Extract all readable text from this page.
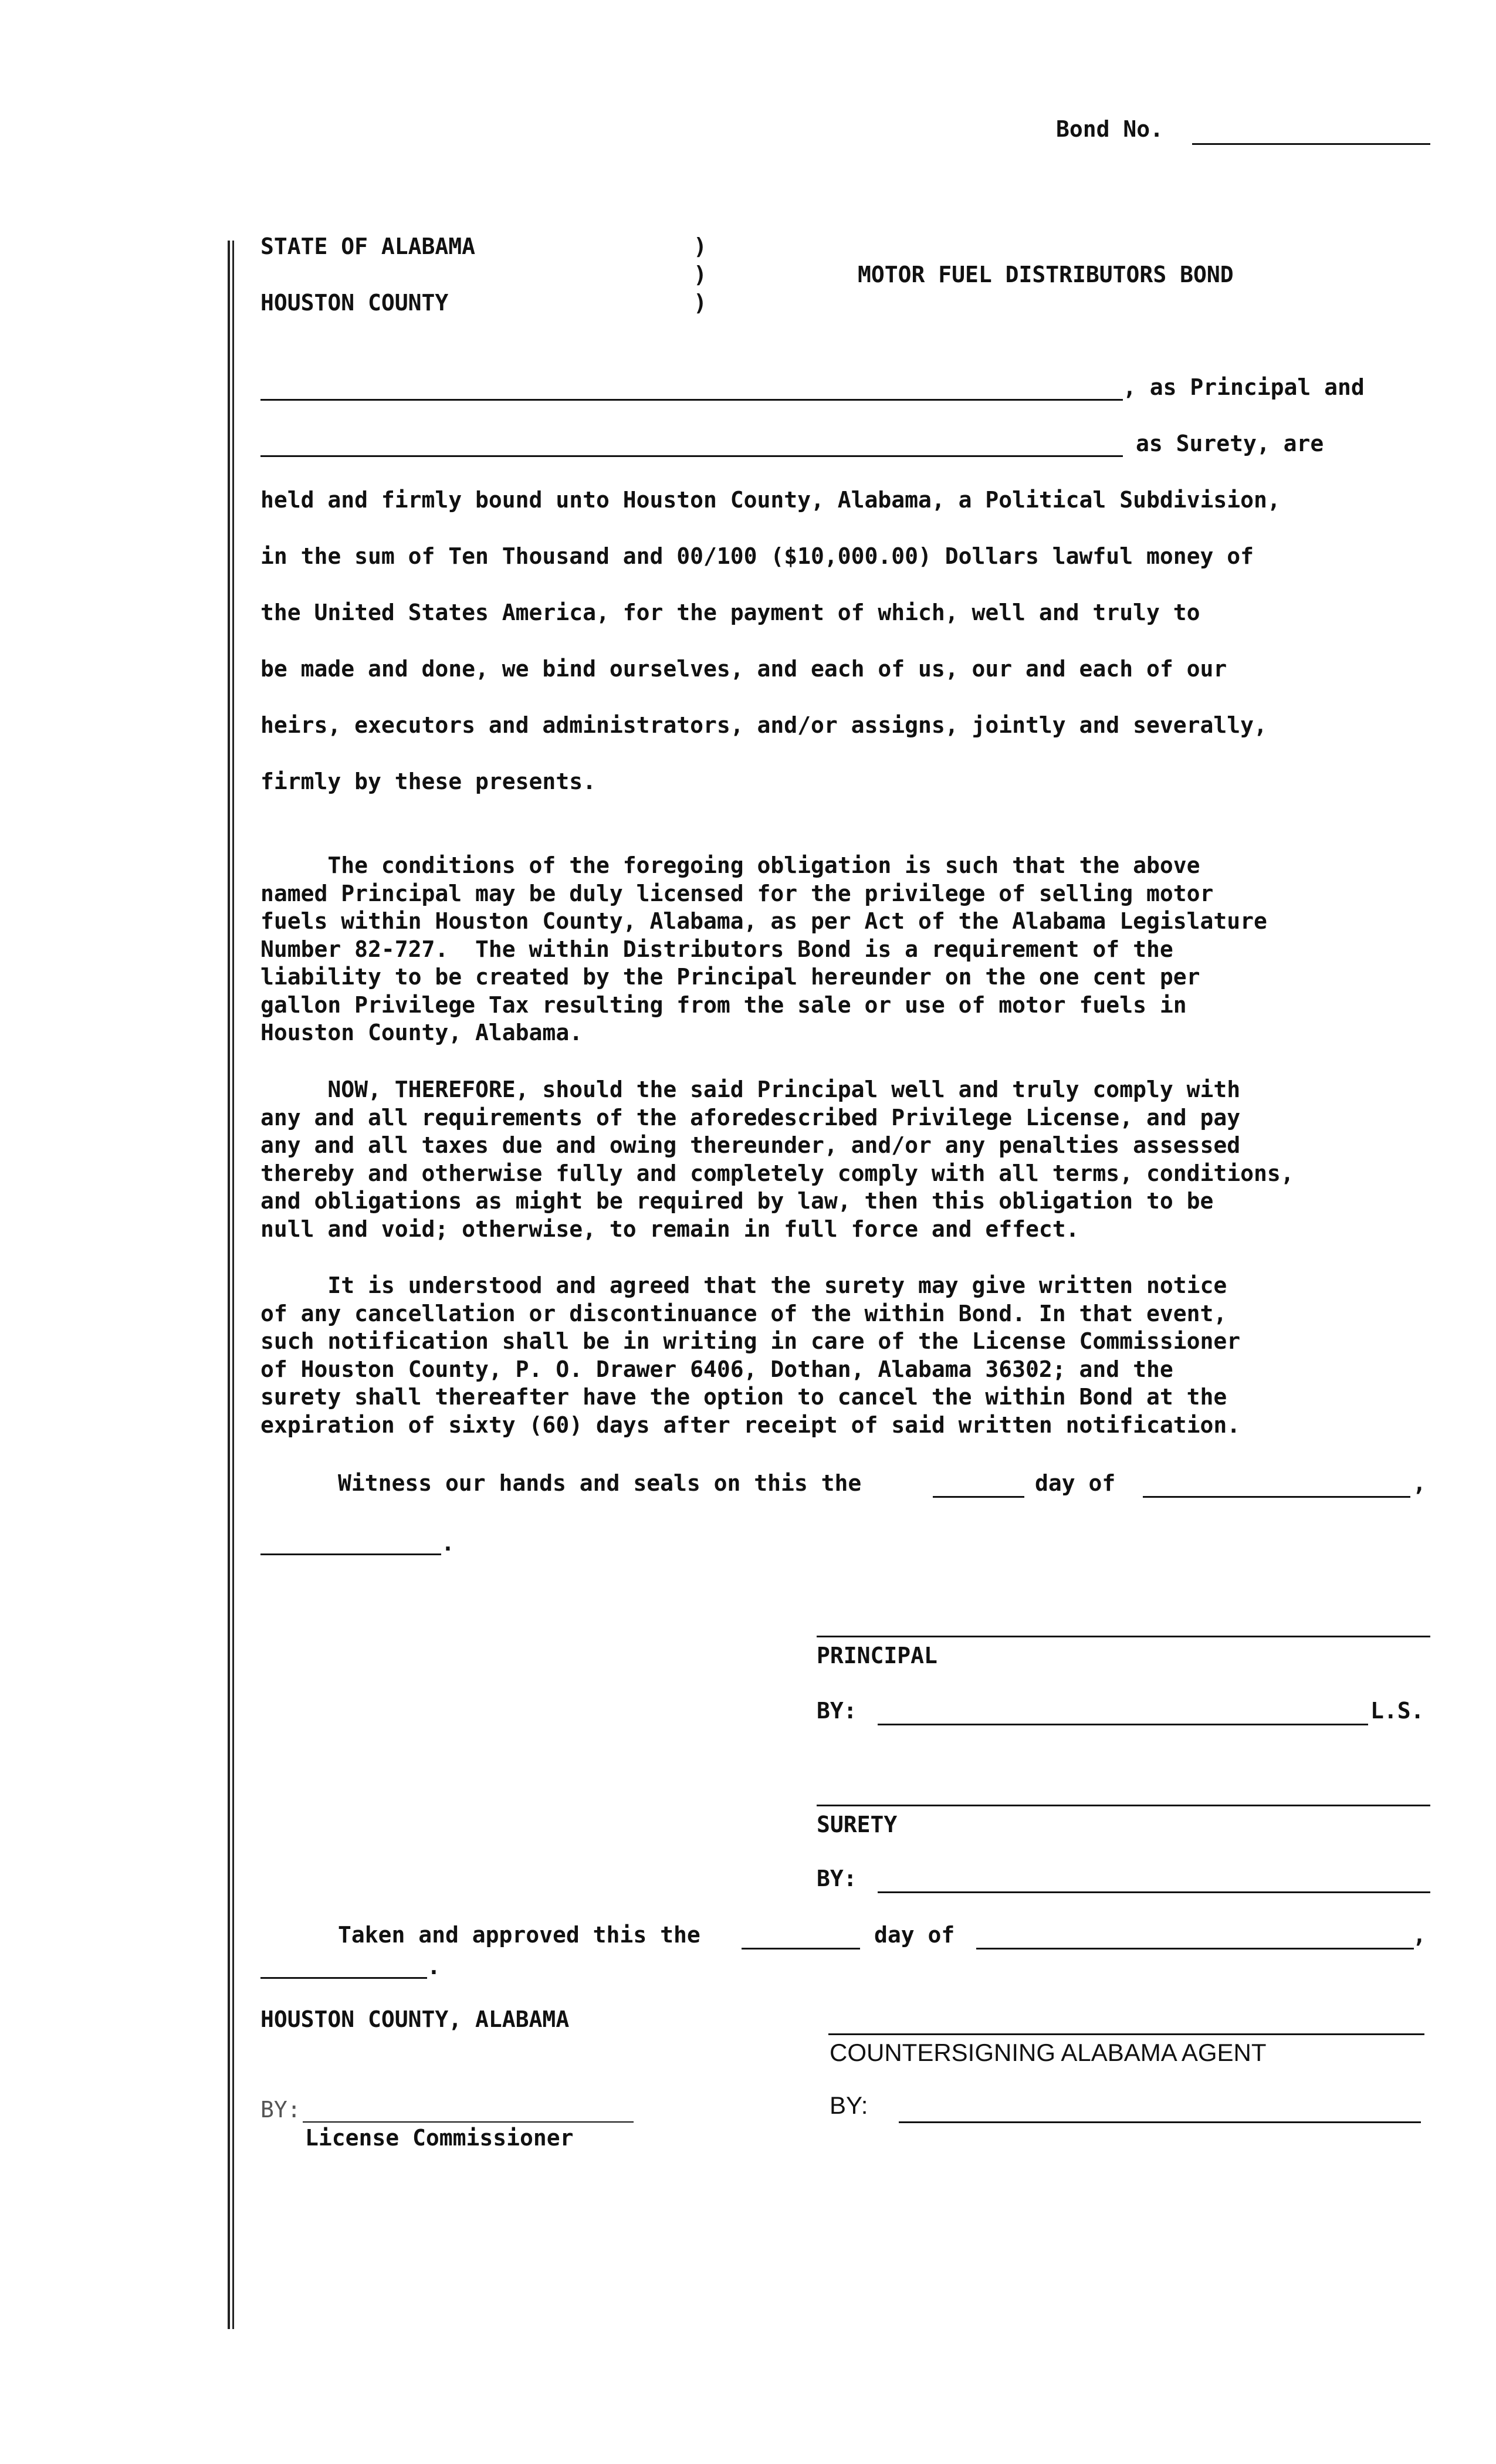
Bond No.
STATE OF ALABAMA
HOUSTON COUNTY
)
)
)
MOTOR FUEL DISTRIBUTORS BOND
, as Principal and
as Surety, are
held and firmly bound unto Houston County, Alabama, a Political Subdivision,
in the sum of Ten Thousand and 00/100 ($10,000.00) Dollars lawful money of
the United States America, for the payment of which, well and truly to
be made and done, we bind ourselves, and each of us, our and each of our
heirs, executors and administrators, and/or assigns, jointly and severally,
firmly by these presents.
The conditions of the foregoing obligation is such that the above
named Principal may be duly licensed for the privilege of selling motor
fuels within Houston County, Alabama, as per Act of the Alabama Legislature
Number 82-727.  The within Distributors Bond is a requirement of the
liability to be created by the Principal hereunder on the one cent per
gallon Privilege Tax resulting from the sale or use of motor fuels in
Houston County, Alabama.
NOW, THEREFORE, should the said Principal well and truly comply with
any and all requirements of the aforedescribed Privilege License, and pay
any and all taxes due and owing thereunder, and/or any penalties assessed
thereby and otherwise fully and completely comply with all terms, conditions,
and obligations as might be required by law, then this obligation to be
null and void; otherwise, to remain in full force and effect.
It is understood and agreed that the surety may give written notice
of any cancellation or discontinuance of the within Bond. In that event,
such notification shall be in writing in care of the License Commissioner
of Houston County, P. O. Drawer 6406, Dothan, Alabama 36302; and the
surety shall thereafter have the option to cancel the within Bond at the
expiration of sixty (60) days after receipt of said written notification.
Witness our hands and seals on this the	day of	,
.
PRINCIPAL
BY:	L.S.
SURETY
BY:
Taken and approved this the	day of	,
.
HOUSTON COUNTY, ALABAMA
BY:
License Commissioner
COUNTERSIGNING ALABAMA AGENT
BY:
